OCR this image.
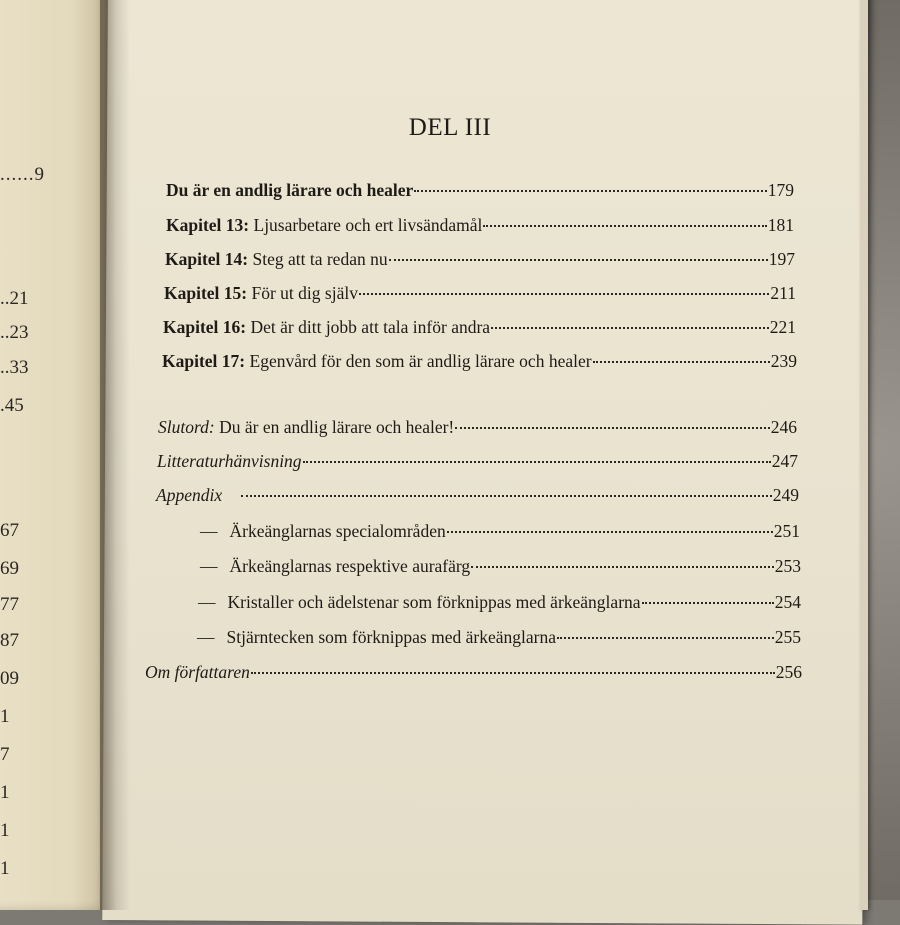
......9
..21
..23
..33
.45
67
69
77
87
09
1
7
1
1
1
DEL III
Du är en andlig lärare och healer	179
Kapitel 13: Ljusarbetare och ert livsändamål	181
Kapitel 14: Steg att ta redan nu	197
Kapitel 15: För ut dig själv	211
Kapitel 16: Det är ditt jobb att tala inför andra	221
Kapitel 17: Egenvård för den som är andlig lärare och healer	239
Slutord: Du är en andlig lärare och healer!	246
Litteraturhänvisning	247
Appendix	249
— Ärkeänglarnas specialområden	251
— Ärkeänglarnas respektive aurafärg	253
— Kristaller och ädelstenar som förknippas med ärkeänglarna	254
— Stjärntecken som förknippas med ärkeänglarna	255
Om författaren	256
